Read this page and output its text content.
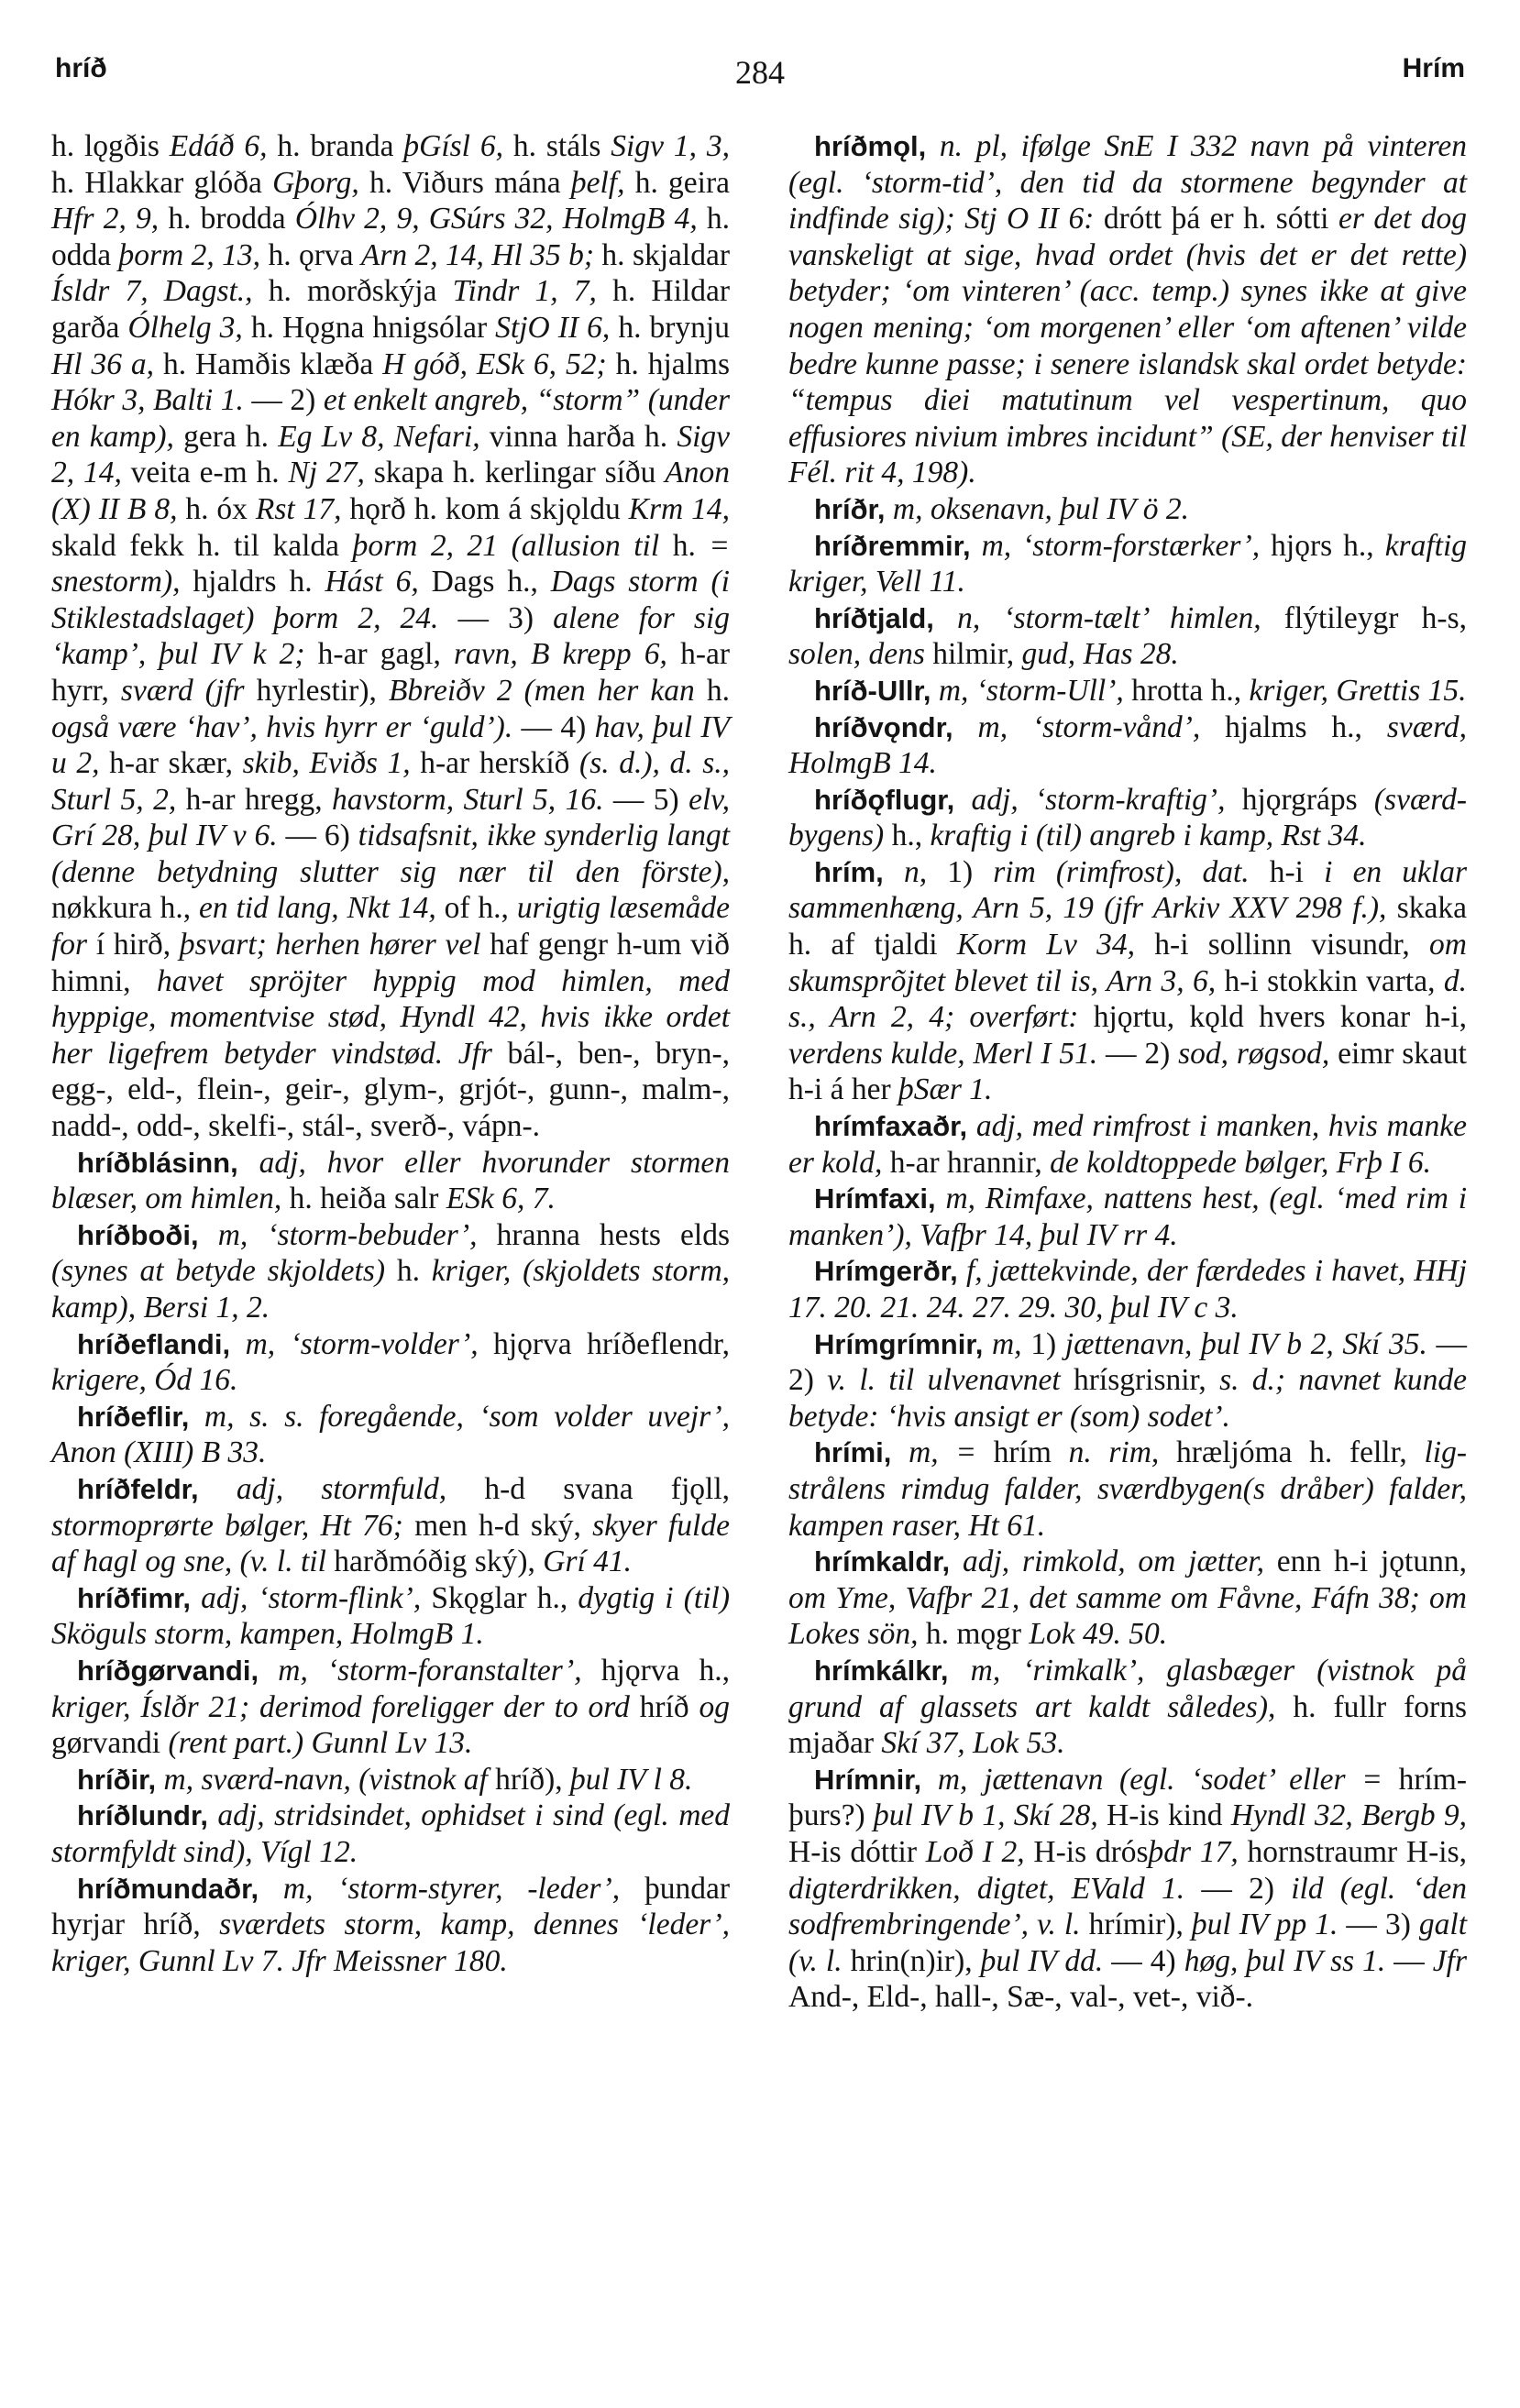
hríð	284	Hrím

h. lǫgðis Edáð 6, h. branda þGísl 6, h. stáls Sigv 1, 3, h. Hlakkar glóða Gþorg, h. Viðurs mána þelf, h. geira Hfr 2, 9, h. brodda Ólhv 2, 9, GSúrs 32, HolmgB 4, h. odda þorm 2, 13, h. ǫrva Arn 2, 14, Hl 35 b; h. skjaldar Ísldr 7, Dagst., h. morðskýja Tindr 1, 7, h. Hildar garða Ólhelg 3, h. Hǫgna hnigsólar StjO II 6, h. brynju Hl 36 a, h. Hamðis klæða H góð, ESk 6, 52; h. hjalms Hókr 3, Balti 1. — 2) et enkelt angreb, “storm” (under en kamp), gera h. Eg Lv 8, Nefari, vinna harða h. Sigv 2, 14, veita e-m h. Nj 27, skapa h. kerlingar síðu Anon (X) II B 8, h. óx Rst 17, hǫrð h. kom á skjǫldu Krm 14, skald fekk h. til kalda þorm 2, 21 (allusion til h. = snestorm), hjaldrs h. Hást 6, Dags h., Dags storm (i Stiklestadslaget) þorm 2, 24. — 3) alene for sig ‘kamp’, þul IV k 2; h-ar gagl, ravn, B krepp 6, h-ar hyrr, sværd (jfr hyrlestir), Bbreiðv 2 (men her kan h. også være ‘hav’, hvis hyrr er ‘guld’). — 4) hav, þul IV u 2, h-ar skær, skib, Eviðs 1, h-ar herskíð (s. d.), d. s., Sturl 5, 2, h-ar hregg, havstorm, Sturl 5, 16. — 5) elv, Grí 28, þul IV v 6. — 6) tidsafsnit, ikke synderlig langt (denne betydning slutter sig nær til den förste), nøkkura h., en tid lang, Nkt 14, of h., urigtig læsemåde for í hirð, þsvart; herhen hører vel haf gengr h-um við himni, havet spröjter hyppig mod himlen, med hyppige, momentvise stød, Hyndl 42, hvis ikke ordet her ligefrem betyder vindstød. Jfr bál-, ben-, bryn-, egg-, eld-, flein-, geir-, glym-, grjót-, gunn-, malm-, nadd-, odd-, skelfi-, stál-, sverð-, vápn-.

hríðblásinn, adj, hvor eller hvorunder stormen blæser, om himlen, h. heiða salr ESk 6, 7.

hríðboði, m, ‘storm-bebuder’, hranna hests elds (synes at betyde skjoldets) h. kriger, (skjoldets storm, kamp), Bersi 1, 2.

hríðeflandi, m, ‘storm-volder’, hjǫrva hríðeflendr, krigere, Ód 16.

hríðeflir, m, s. s. foregående, ‘som volder uvejr’, Anon (XIII) B 33.

hríðfeldr, adj, stormfuld, h-d svana fjǫll, stormoprørte bølger, Ht 76; men h-d ský, skyer fulde af hagl og sne, (v. l. til harðmóðig ský), Grí 41.

hríðfimr, adj, ‘storm-flink’, Skǫglar h., dygtig i (til) Sköguls storm, kampen, HolmgB 1.

hríðgørvandi, m, ‘storm-foranstalter’, hjǫrva h., kriger, Íslðr 21; derimod foreligger der to ord hríð og gørvandi (rent part.) Gunnl Lv 13.

hríðir, m, sværd-navn, (vistnok af hríð), þul IV l 8.

hríðlundr, adj, stridsindet, ophidset i sind (egl. med stormfyldt sind), Vígl 12.

hríðmundaðr, m, ‘storm-styrer, -leder’, þundar hyrjar hríð, sværdets storm, kamp, dennes ‘leder’, kriger, Gunnl Lv 7. Jfr Meissner 180.

hríðmǫl, n. pl, ifølge SnE I 332 navn på vinteren (egl. ‘storm-tid’, den tid da stormene begynder at indfinde sig); Stj O II 6: drótt þá er h. sótti er det dog vanskeligt at sige, hvad ordet (hvis det er det rette) betyder; ‘om vinteren’ (acc. temp.) synes ikke at give nogen mening; ‘om morgenen’ eller ‘om aftenen’ vilde bedre kunne passe; i senere islandsk skal ordet betyde: “tempus diei matutinum vel vespertinum, quo effusiores nivium imbres incidunt” (SE, der henviser til Fél. rit 4, 198).

hríðr, m, oksenavn, þul IV ö 2.

hríðremmir, m, ‘storm-forstærker’, hjǫrs h., kraftig kriger, Vell 11.

hríðtjald, n, ‘storm-tælt’ himlen, flýtileygr h-s, solen, dens hilmir, gud, Has 28.

hríð-Ullr, m, ‘storm-Ull’, hrotta h., kriger, Grettis 15.

hríðvǫndr, m, ‘storm-vånd’, hjalms h., sværd, HolmgB 14.

hríðǫflugr, adj, ‘storm-kraftig’, hjǫrgráps (sværd-bygens) h., kraftig i (til) angreb i kamp, Rst 34.

hrím, n, 1) rim (rimfrost), dat. h-i i en uklar sammenhæng, Arn 5, 19 (jfr Arkiv XXV 298 f.), skaka h. af tjaldi Korm Lv 34, h-i sollinn visundr, om skumsprõjtet blevet til is, Arn 3, 6, h-i stokkin varta, d. s., Arn 2, 4; overført: hjǫrtu, kǫld hvers konar h-i, verdens kulde, Merl I 51. — 2) sod, røgsod, eimr skaut h-i á her þSær 1.

hrímfaxaðr, adj, med rimfrost i manken, hvis manke er kold, h-ar hrannir, de koldtoppede bølger, Frþ I 6.

Hrímfaxi, m, Rimfaxe, nattens hest, (egl. ‘med rim i manken’), Vafþr 14, þul IV rr 4.

Hrímgerðr, f, jættekvinde, der færdedes i havet, HHj 17. 20. 21. 24. 27. 29. 30, þul IV c 3.

Hrímgrímnir, m, 1) jættenavn, þul IV b 2, Skí 35. — 2) v. l. til ulvenavnet hrísgrisnir, s. d.; navnet kunde betyde: ‘hvis ansigt er (som) sodet’.

hrími, m, = hrím n. rim, hræljóma h. fellr, lig-strålens rimdug falder, sværdbygen(s dråber) falder, kampen raser, Ht 61.

hrímkaldr, adj, rimkold, om jætter, enn h-i jǫtunn, om Yme, Vafþr 21, det samme om Fåvne, Fáfn 38; om Lokes sön, h. mǫgr Lok 49. 50.

hrímkálkr, m, ‘rimkalk’, glasbæger (vistnok på grund af glassets art kaldt således), h. fullr forns mjaðar Skí 37, Lok 53.

Hrímnir, m, jættenavn (egl. ‘sodet’ eller = hrím-þurs?) þul IV b 1, Skí 28, H-is kind Hyndl 32, Bergb 9, H-is dóttir Loð I 2, H-is drósþdr 17, hornstraumr H-is, digterdrikken, digtet, EVald 1. — 2) ild (egl. ‘den sodfrembringende’, v. l. hrímir), þul IV pp 1. — 3) galt (v. l. hrin(n)ir), þul IV dd. — 4) høg, þul IV ss 1. — Jfr And-, Eld-, hall-, Sæ-, val-, vet-, við-.
